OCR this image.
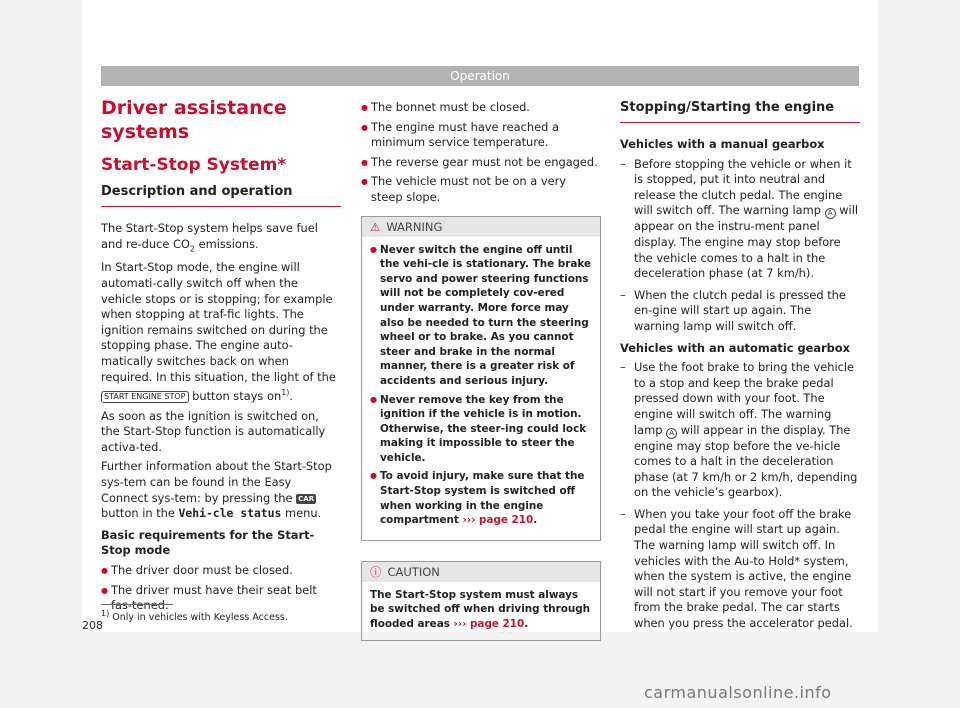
Operation
Driver assistance systems
Start-Stop System*
Description and operation

The Start-Stop system helps save fuel and re-duce $CO_2$ emissions.

In Start-Stop mode, the engine will automati-cally switch off when the vehicle stops or is stopping; for example when stopping at traf-fic lights. The ignition remains switched on during the stopping phase. The engine auto-matically switches back on when required. In this situation, the light of the START ENGINE STOP button stays $on^{1)}$.

As soon as the ignition is switched on, the Start-Stop function is automatically activa-ted.

Further information about the Start-Stop sys-tem can be found in the Easy Connect sys-tem: by pressing the CAR button in the Vehi-cle status menu.

Basic requirements for the Start-Stop mode

● The driver door must be closed.
● The driver must have their seat belt fas-tened.
● The bonnet must be closed.
● The engine must have reached a minimum service temperature.
● The reverse gear must not be engaged.
● The vehicle must not be on a very steep slope.
⚠ WARNING
● Never switch the engine off until the vehi-cle is stationary. The brake servo and power steering functions will not be completely cov-ered under warranty. More force may also be needed to turn the steering wheel or to brake. As you cannot steer and brake in the normal manner, there is a greater risk of accidents and serious injury.
● Never remove the key from the ignition if the vehicle is in motion. Otherwise, the steer-ing could lock making it impossible to steer the vehicle.
● To avoid injury, make sure that the Start-Stop system is switched off when working in the engine compartment ››› page 210.
ⓘ CAUTION
The Start-Stop system must always be switched off when driving through flooded areas ››› page 210.
Stopping/Starting the engine

Vehicles with a manual gearbox

– Before stopping the vehicle or when it is stopped, put it into neutral and release the clutch pedal. The engine will switch off. The warning lamp A will appear on the instru-ment panel display. The engine may stop before the vehicle comes to a halt in the deceleration phase (at 7 km/h).
– When the clutch pedal is pressed the en-gine will start up again. The warning lamp will switch off.

Vehicles with an automatic gearbox

– Use the foot brake to bring the vehicle to a stop and keep the brake pedal pressed down with your foot. The engine will switch off. The warning lamp A will appear in the display. The engine may stop before the ve-hicle comes to a halt in the deceleration phase (at 7 km/h or 2 km/h, depending on the vehicle’s gearbox).
– When you take your foot off the brake pedal the engine will start up again. The warning lamp will switch off. In vehicles with the Au-to Hold* system, when the system is active, the engine will not start if you remove your foot from the brake pedal. The car starts when you press the accelerator pedal.
$^{1)}$ Only in vehicles with Keyless Access.
208
carmanualsonline.info
